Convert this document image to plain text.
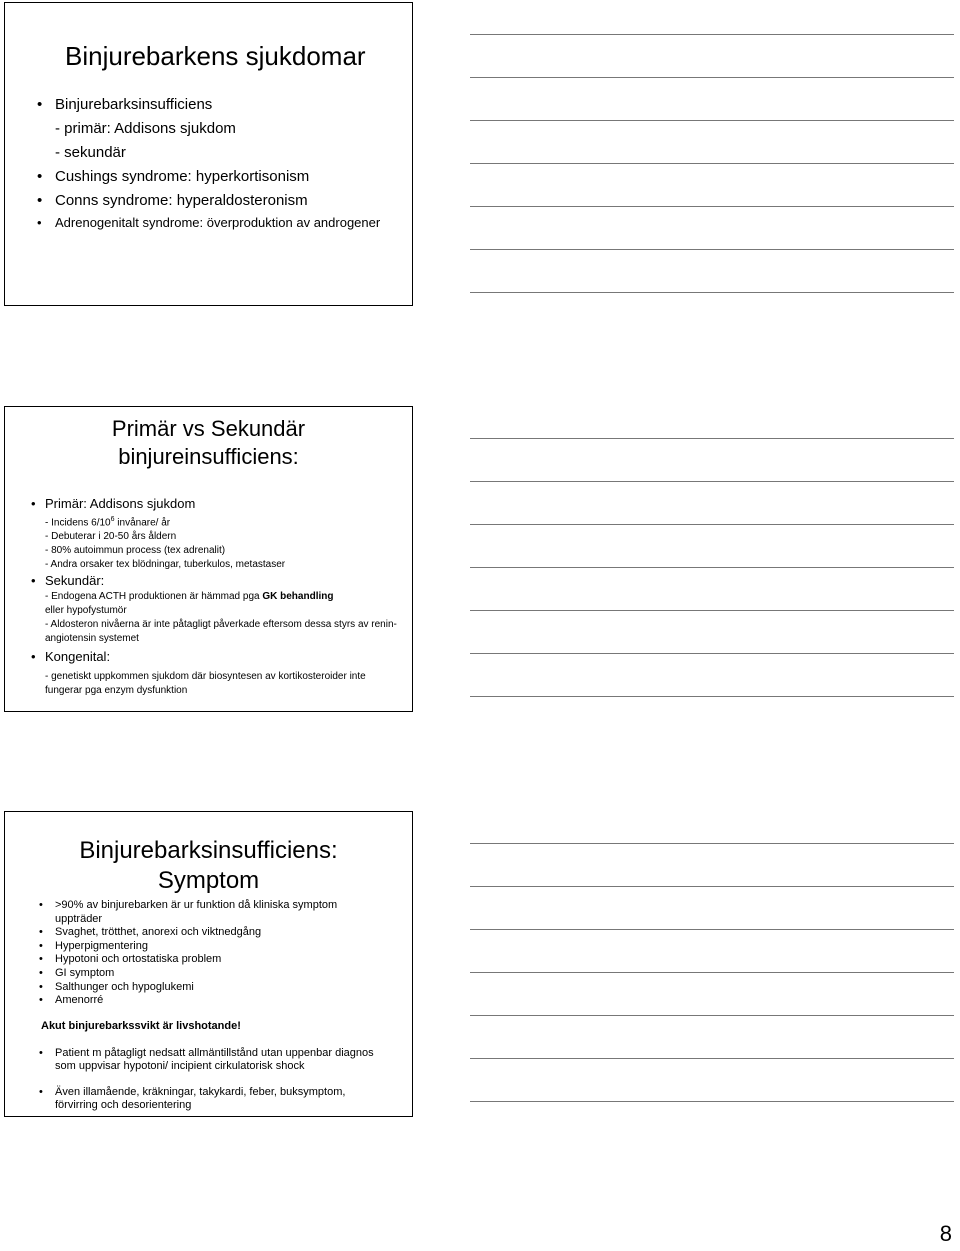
Binjurebarkens sjukdomar
• Binjurebarksinsufficiens
- primär: Addisons sjukdom
- sekundär
• Cushings syndrome: hyperkortisonism
• Conns syndrome: hyperaldosteronism
• Adrenogenitalt syndrome: överproduktion av androgener
Primär vs Sekundär
binjureinsufficiens:
• Primär: Addisons sjukdom
- Incidens $6/10^6$ invånare/ år
- Debuterar i 20-50 års åldern
- 80% autoimmun process (tex adrenalit)
- Andra orsaker tex blödningar, tuberkulos, metastaser
• Sekundär:
- Endogena ACTH produktionen är hämmad pga GK behandling
eller hypofystumör
- Aldosteron nivåerna är inte påtagligt påverkade eftersom dessa styrs av renin-angiotensin systemet
• Kongenital:
- genetiskt uppkommen sjukdom där biosyntesen av kortikosteroider inte fungerar pga enzym dysfunktion
Binjurebarksinsufficiens:
Symptom
• >90% av binjurebarken är ur funktion då kliniska symptom uppträder
• Svaghet, trötthet, anorexi och viktnedgång
• Hyperpigmentering
• Hypotoni och ortostatiska problem
• GI symptom
• Salthunger och hypoglukemi
• Amenorré
Akut binjurebarkssvikt är livshotande!
• Patient m påtagligt nedsatt allmäntillstånd utan uppenbar diagnos som uppvisar hypotoni/ incipient cirkulatorisk shock
• Även illamående, kräkningar, takykardi, feber, buksymptom, förvirring och desorientering
8
